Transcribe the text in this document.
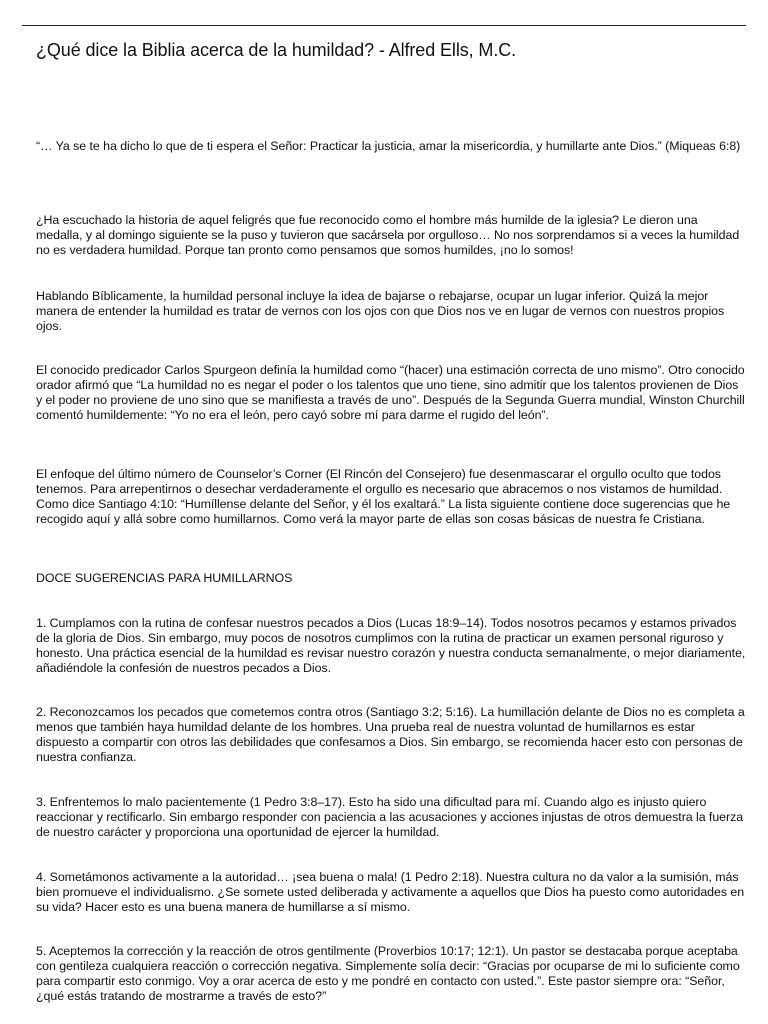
¿Qué dice la Biblia acerca de la humildad? - Alfred Ells, M.C.

“… Ya se te ha dicho lo que de ti espera el Señor: Practicar la justicia, amar la misericordia, y humillarte ante Dios.” (Miqueas 6:8)

¿Ha escuchado la historia de aquel feligrés que fue reconocido como el hombre más humilde de la iglesia? Le dieron una medalla, y al domingo siguiente se la puso y tuvieron que sacársela por orgulloso… No nos sorprendamos si a veces la humildad no es verdadera humildad. Porque tan pronto como pensamos que somos humildes, ¡no lo somos!

Hablando Bíblicamente, la humildad personal incluye la idea de bajarse o rebajarse, ocupar un lugar inferior. Quizá la mejor manera de entender la humildad es tratar de vernos con los ojos con que Dios nos ve en lugar de vernos con nuestros propios ojos.

El conocido predicador Carlos Spurgeon definía la humildad como “(hacer) una estimación correcta de uno mismo”. Otro conocido orador afirmó que “La humildad no es negar el poder o los talentos que uno tiene, sino admitir que los talentos provienen de Dios y el poder no proviene de uno sino que se manifiesta a través de uno”. Después de la Segunda Guerra mundial, Winston Churchill comentó humildemente: “Yo no era el león, pero cayó sobre mí para darme el rugido del león”.

El enfoque del último número de Counselor’s Corner (El Rincón del Consejero) fue desenmascarar el orgullo oculto que todos tenemos. Para arrepentirnos o desechar verdaderamente el orgullo es necesario que abracemos o nos vistamos de humildad. Como dice Santiago 4:10: “Humíllense delante del Señor, y él los exaltará.” La lista siguiente contiene doce sugerencias que he recogido aquí y allá sobre como humillarnos. Como verá la mayor parte de ellas son cosas básicas de nuestra fe Cristiana.

DOCE SUGERENCIAS PARA HUMILLARNOS

1. Cumplamos con la rutina de confesar nuestros pecados a Dios (Lucas 18:9–14). Todos nosotros pecamos y estamos privados de la gloria de Dios. Sin embargo, muy pocos de nosotros cumplimos con la rutina de practicar un examen personal riguroso y honesto. Una práctica esencial de la humildad es revisar nuestro corazón y nuestra conducta semanalmente, o mejor diariamente, añadiéndole la confesión de nuestros pecados a Dios.

2. Reconozcamos los pecados que cometemos contra otros (Santiago 3:2; 5:16). La humillación delante de Dios no es completa a menos que también haya humildad delante de los hombres. Una prueba real de nuestra voluntad de humillarnos es estar dispuesto a compartir con otros las debilidades que confesamos a Dios. Sin embargo, se recomienda hacer esto con personas de nuestra confianza.

3. Enfrentemos lo malo pacientemente (1 Pedro 3:8–17). Esto ha sido una dificultad para mí. Cuando algo es injusto quiero reaccionar y rectificarlo. Sin embargo responder con paciencia a las acusaciones y acciones injustas de otros demuestra la fuerza de nuestro carácter y proporciona una oportunidad de ejercer la humildad.

4. Sometámonos activamente a la autoridad… ¡sea buena o mala! (1 Pedro 2:18). Nuestra cultura no da valor a la sumisión, más bien promueve el individualismo. ¿Se somete usted deliberada y activamente a aquellos que Dios ha puesto como autoridades en su vida? Hacer esto es una buena manera de humillarse a sí mismo.

5. Aceptemos la corrección y la reacción de otros gentilmente (Proverbios 10:17; 12:1). Un pastor se destacaba porque aceptaba con gentileza cualquiera reacción o corrección negativa. Simplemente solía decir: “Gracias por ocuparse de mi lo suficiente como para compartir esto conmigo. Voy a orar acerca de esto y me pondré en contacto con usted.”. Este pastor siempre ora: “Señor, ¿qué estás tratando de mostrarme a través de esto?”
